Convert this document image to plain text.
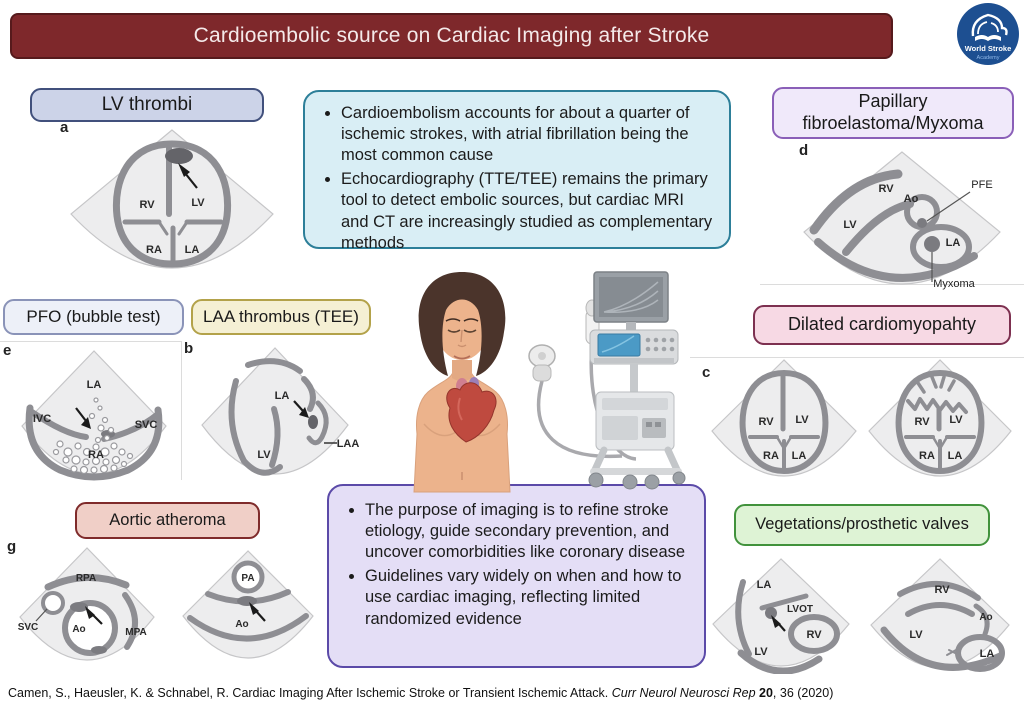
Cardioembolic source on Cardiac Imaging after Stroke
World Stroke
Academy
LV thrombi	Papillary fibroelastoma/Myxoma
PFO (bubble test) LAA thrombus (TEE)	Dilated cardiomyopahty
Aortic atheroma	Vegetations/prosthetic valves
a
b
c
d
e
g
• Cardioembolism accounts for about a quarter of ischemic strokes, with atrial fibrillation being the most common cause
• Echocardiography (TTE/TEE) remains the primary tool to detect embolic sources, but cardiac MRI and CT are increasingly studied as complementary methods
• The purpose of imaging is to refine stroke etiology, guide secondary prevention, and uncover comorbidities like coronary disease
• Guidelines vary widely on when and how to use cardiac imaging, reflecting limited randomized evidence
RV	LV
RA LA
RV
Ao
LV
LA
PFE
Myxoma
LA
IVC	SVC
RA
LA
LV
LAA
RV LV
RA LA
RV LV
RA LA
RPA
SVC	Ao	MPA
PA
Ao
LA
LVOT
RV
LV
RV
Ao
LV
LA
Camen, S., Haeusler, K. & Schnabel, R. Cardiac Imaging After Ischemic Stroke or Transient Ischemic Attack. Curr Neurol Neurosci Rep 20, 36 (2020)
